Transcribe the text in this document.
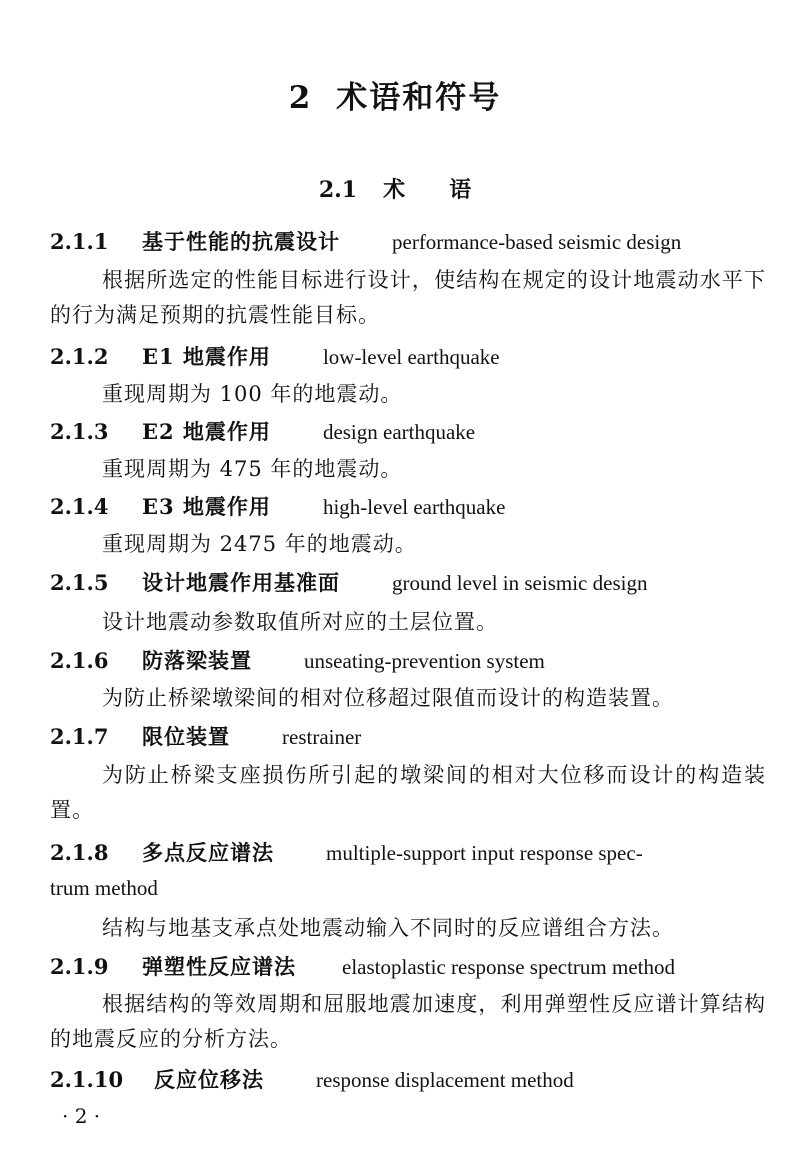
2 术语和符号
2.1 术 语
2.1.1 基于性能的抗震设计 performance-based seismic design
根据所选定的性能目标进行设计，使结构在规定的设计地震动水平下的行为满足预期的抗震性能目标。
2.1.2 E1 地震作用 low-level earthquake
重现周期为 100 年的地震动。
2.1.3 E2 地震作用 design earthquake
重现周期为 475 年的地震动。
2.1.4 E3 地震作用 high-level earthquake
重现周期为 2475 年的地震动。
2.1.5 设计地震作用基准面 ground level in seismic design
设计地震动参数取值所对应的土层位置。
2.1.6 防落梁装置 unseating-prevention system
为防止桥梁墩梁间的相对位移超过限值而设计的构造装置。
2.1.7 限位装置 restrainer
为防止桥梁支座损伤所引起的墩梁间的相对大位移而设计的构造装置。
2.1.8 多点反应谱法 multiple-support input response spec-
trum method
结构与地基支承点处地震动输入不同时的反应谱组合方法。
2.1.9 弹塑性反应谱法 elastoplastic response spectrum method
根据结构的等效周期和屈服地震加速度，利用弹塑性反应谱计算结构的地震反应的分析方法。
2.1.10 反应位移法 response displacement method
· 2 ·
